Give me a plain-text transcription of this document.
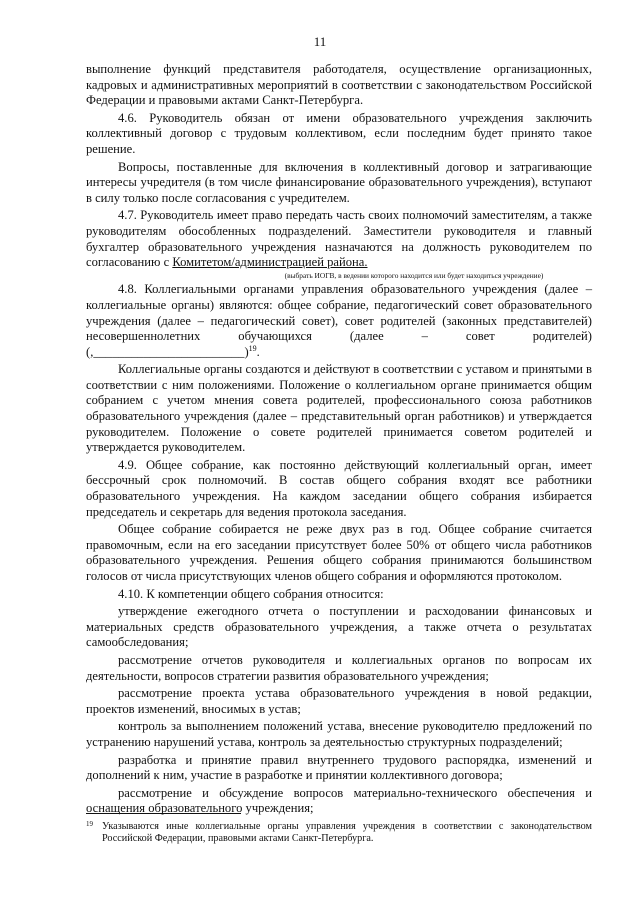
11

выполнение функций представителя работодателя, осуществление организационных, кадровых и административных мероприятий в соответствии с законодательством Российской Федерации и правовыми актами Санкт-Петербурга.

4.6. Руководитель обязан от имени образовательного учреждения заключить коллективный договор с трудовым коллективом, если последним будет принято такое решение.

Вопросы, поставленные для включения в коллективный договор и затрагивающие интересы учредителя (в том числе финансирование образовательного учреждения), вступают в силу только после согласования с учредителем.

4.7. Руководитель имеет право передать часть своих полномочий заместителям, а также руководителям обособленных подразделений. Заместители руководителя и главный бухгалтер образовательного учреждения назначаются на должность руководителем по согласованию с Комитетом/администрацией района.

(выбрать ИОГВ, в ведении которого находится или будет находиться учреждение)

4.8. Коллегиальными органами управления образовательного учреждения (далее – коллегиальные органы) являются: общее собрание, педагогический совет образовательного учреждения (далее – педагогический совет), совет родителей (законных представителей) несовершеннолетних обучающихся (далее – совет родителей) (,________________________)$^{19}$.

Коллегиальные органы создаются и действуют в соответствии с уставом и принятыми в соответствии с ним положениями. Положение о коллегиальном органе принимается общим собранием с учетом мнения совета родителей, профессионального союза работников образовательного учреждения (далее – представительный орган работников) и утверждается руководителем. Положение о совете родителей принимается советом родителей и утверждается руководителем.

4.9. Общее собрание, как постоянно действующий коллегиальный орган, имеет бессрочный срок полномочий. В состав общего собрания входят все работники образовательного учреждения. На каждом заседании общего собрания избирается председатель и секретарь для ведения протокола заседания.

Общее собрание собирается не реже двух раз в год. Общее собрание считается правомочным, если на его заседании присутствует более 50% от общего числа работников образовательного учреждения. Решения общего собрания принимаются большинством голосов от числа присутствующих членов общего собрания и оформляются протоколом.

4.10. К компетенции общего собрания относится:

утверждение ежегодного отчета о поступлении и расходовании финансовых и материальных средств образовательного учреждения, а также отчета о результатах самообследования;

рассмотрение отчетов руководителя и коллегиальных органов по вопросам их деятельности, вопросов стратегии развития образовательного учреждения;

рассмотрение проекта устава образовательного учреждения в новой редакции, проектов изменений, вносимых в устав;

контроль за выполнением положений устава, внесение руководителю предложений по устранению нарушений устава, контроль за деятельностью структурных подразделений;

разработка и принятие правил внутреннего трудового распорядка, изменений и дополнений к ним, участие в разработке и принятии коллективного договора;

рассмотрение и обсуждение вопросов материально-технического обеспечения и оснащения образовательного учреждения;

19 Указываются иные коллегиальные органы управления учреждения в соответствии с законодательством Российской Федерации, правовыми актами Санкт-Петербурга.
